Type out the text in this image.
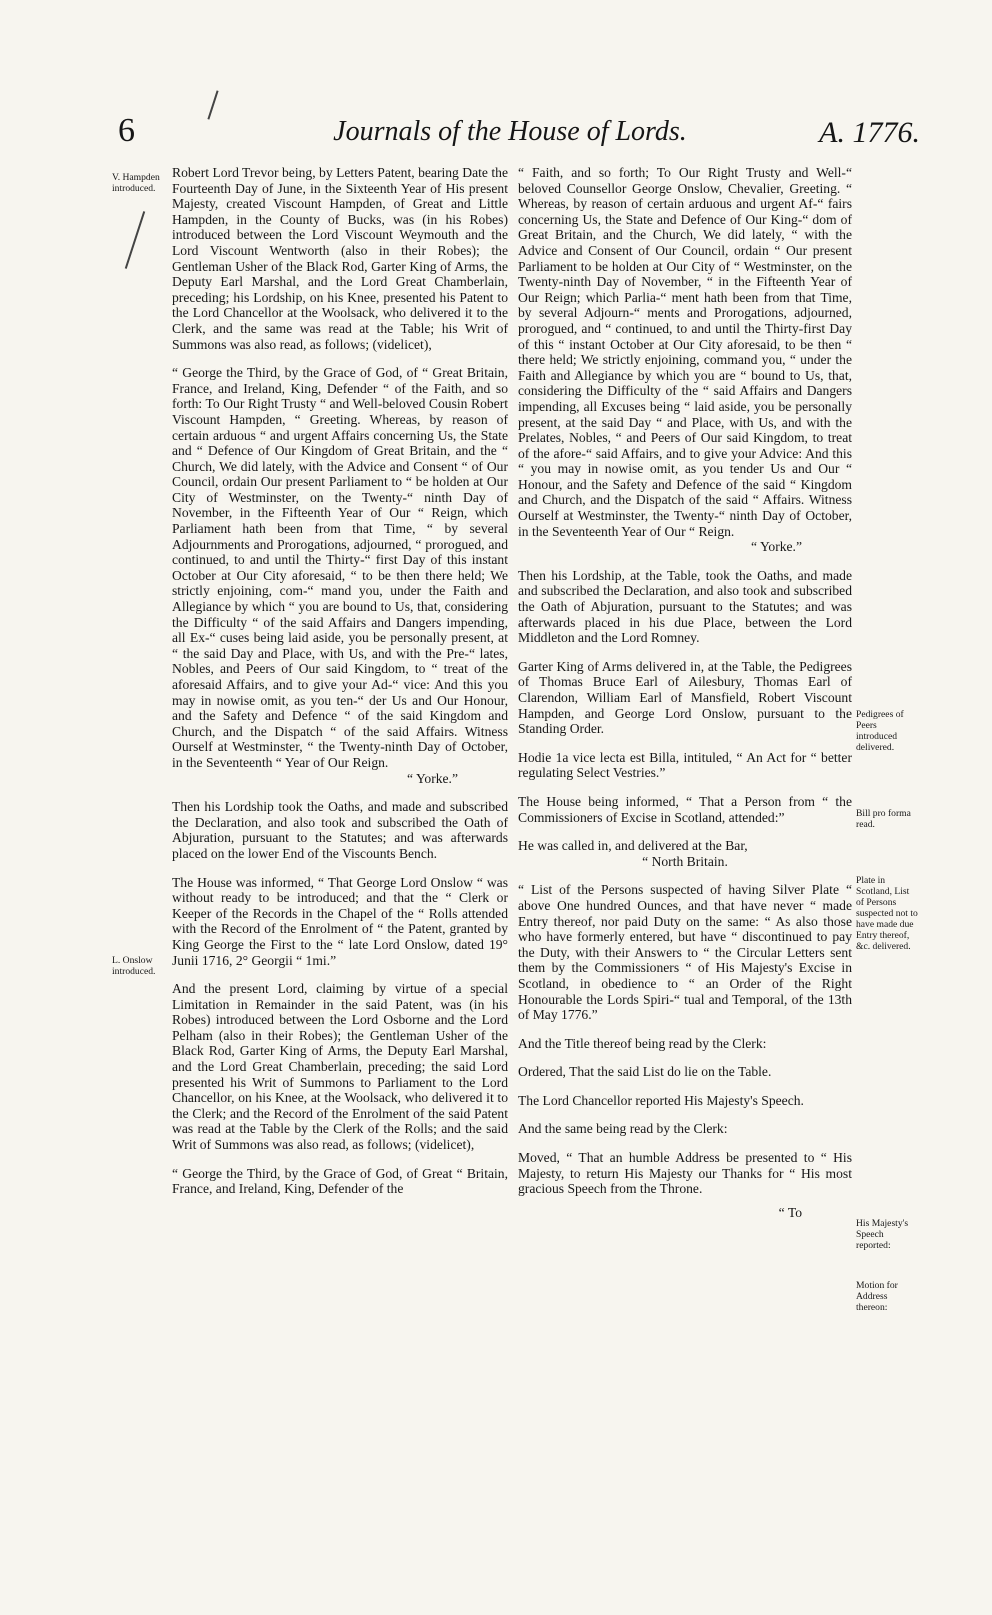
6	Journals of the House of Lords.	A. 1776.
V. Hampden introduced.
L. Onslow introduced.
Pedigrees of Peers introduced delivered.
Bill pro forma read.
Plate in Scotland, List of Persons suspected not to have made due Entry thereof, &c. delivered.
His Majesty's Speech reported:
Motion for Address thereon:

Robert Lord Trevor being, by Letters Patent, bearing Date the Fourteenth Day of June, in the Sixteenth Year of His present Majesty, created Viscount Hampden, of Great and Little Hampden, in the County of Bucks, was (in his Robes) introduced between the Lord Viscount Weymouth and the Lord Viscount Wentworth (also in their Robes); the Gentleman Usher of the Black Rod, Garter King of Arms, the Deputy Earl Marshal, and the Lord Great Chamberlain, preceding; his Lordship, on his Knee, presented his Patent to the Lord Chancellor at the Woolsack, who delivered it to the Clerk, and the same was read at the Table; his Writ of Summons was also read, as follows; (videlicet),

“ George the Third, by the Grace of God, of “ Great Britain, France, and Ireland, King, Defender “ of the Faith, and so forth: To Our Right Trusty “ and Well-beloved Cousin Robert Viscount Hampden, “ Greeting. Whereas, by reason of certain arduous “ and urgent Affairs concerning Us, the State and “ Defence of Our Kingdom of Great Britain, and the “ Church, We did lately, with the Advice and Consent “ of Our Council, ordain Our present Parliament to “ be holden at Our City of Westminster, on the Twenty-“ ninth Day of November, in the Fifteenth Year of Our “ Reign, which Parliament hath been from that Time, “ by several Adjournments and Prorogations, adjourned, “ prorogued, and continued, to and until the Thirty-“ first Day of this instant October at Our City aforesaid, “ to be then there held; We strictly enjoining, com-“ mand you, under the Faith and Allegiance by which “ you are bound to Us, that, considering the Difficulty “ of the said Affairs and Dangers impending, all Ex-“ cuses being laid aside, you be personally present, at “ the said Day and Place, with Us, and with the Pre-“ lates, Nobles, and Peers of Our said Kingdom, to “ treat of the aforesaid Affairs, and to give your Ad-“ vice: And this you may in nowise omit, as you ten-“ der Us and Our Honour, and the Safety and Defence “ of the said Kingdom and Church, and the Dispatch “ of the said Affairs. Witness Ourself at Westminster, “ the Twenty-ninth Day of October, in the Seventeenth “ Year of Our Reign.

“ Yorke.”

Then his Lordship took the Oaths, and made and subscribed the Declaration, and also took and subscribed the Oath of Abjuration, pursuant to the Statutes; and was afterwards placed on the lower End of the Viscounts Bench.

The House was informed, “ That George Lord Onslow “ was without ready to be introduced; and that the “ Clerk or Keeper of the Records in the Chapel of the “ Rolls attended with the Record of the Enrolment of “ the Patent, granted by King George the First to the “ late Lord Onslow, dated 19° Junii 1716, 2° Georgii “ 1mi.”

And the present Lord, claiming by virtue of a special Limitation in Remainder in the said Patent, was (in his Robes) introduced between the Lord Osborne and the Lord Pelham (also in their Robes); the Gentleman Usher of the Black Rod, Garter King of Arms, the Deputy Earl Marshal, and the Lord Great Chamberlain, preceding; the said Lord presented his Writ of Summons to Parliament to the Lord Chancellor, on his Knee, at the Woolsack, who delivered it to the Clerk; and the Record of the Enrolment of the said Patent was read at the Table by the Clerk of the Rolls; and the said Writ of Summons was also read, as follows; (videlicet),

“ George the Third, by the Grace of God, of Great “ Britain, France, and Ireland, King, Defender of the

“ Faith, and so forth; To Our Right Trusty and Well-“ beloved Counsellor George Onslow, Chevalier, Greeting. “ Whereas, by reason of certain arduous and urgent Af-“ fairs concerning Us, the State and Defence of Our King-“ dom of Great Britain, and the Church, We did lately, “ with the Advice and Consent of Our Council, ordain “ Our present Parliament to be holden at Our City of “ Westminster, on the Twenty-ninth Day of November, “ in the Fifteenth Year of Our Reign; which Parlia-“ ment hath been from that Time, by several Adjourn-“ ments and Prorogations, adjourned, prorogued, and “ continued, to and until the Thirty-first Day of this “ instant October at Our City aforesaid, to be then “ there held; We strictly enjoining, command you, “ under the Faith and Allegiance by which you are “ bound to Us, that, considering the Difficulty of the “ said Affairs and Dangers impending, all Excuses being “ laid aside, you be personally present, at the said Day “ and Place, with Us, and with the Prelates, Nobles, “ and Peers of Our said Kingdom, to treat of the afore-“ said Affairs, and to give your Advice: And this “ you may in nowise omit, as you tender Us and Our “ Honour, and the Safety and Defence of the said “ Kingdom and Church, and the Dispatch of the said “ Affairs. Witness Ourself at Westminster, the Twenty-“ ninth Day of October, in the Seventeenth Year of Our “ Reign.

“ Yorke.”

Then his Lordship, at the Table, took the Oaths, and made and subscribed the Declaration, and also took and subscribed the Oath of Abjuration, pursuant to the Statutes; and was afterwards placed in his due Place, between the Lord Middleton and the Lord Romney.

Garter King of Arms delivered in, at the Table, the Pedigrees of Thomas Bruce Earl of Ailesbury, Thomas Earl of Clarendon, William Earl of Mansfield, Robert Viscount Hampden, and George Lord Onslow, pursuant to the Standing Order.

Hodie 1a vice lecta est Billa, intituled, “ An Act for “ better regulating Select Vestries.”

The House being informed, “ That a Person from “ the Commissioners of Excise in Scotland, attended:”

He was called in, and delivered at the Bar,

“ North Britain.

“ List of the Persons suspected of having Silver Plate “ above One hundred Ounces, and that have never “ made Entry thereof, nor paid Duty on the same: “ As also those who have formerly entered, but have “ discontinued to pay the Duty, with their Answers to “ the Circular Letters sent them by the Commissioners “ of His Majesty's Excise in Scotland, in obedience to “ an Order of the Right Honourable the Lords Spiri-“ tual and Temporal, of the 13th of May 1776.”

And the Title thereof being read by the Clerk:

Ordered, That the said List do lie on the Table.

The Lord Chancellor reported His Majesty's Speech.

And the same being read by the Clerk:

Moved, “ That an humble Address be presented to “ His Majesty, to return His Majesty our Thanks for “ His most gracious Speech from the Throne.

“ To
